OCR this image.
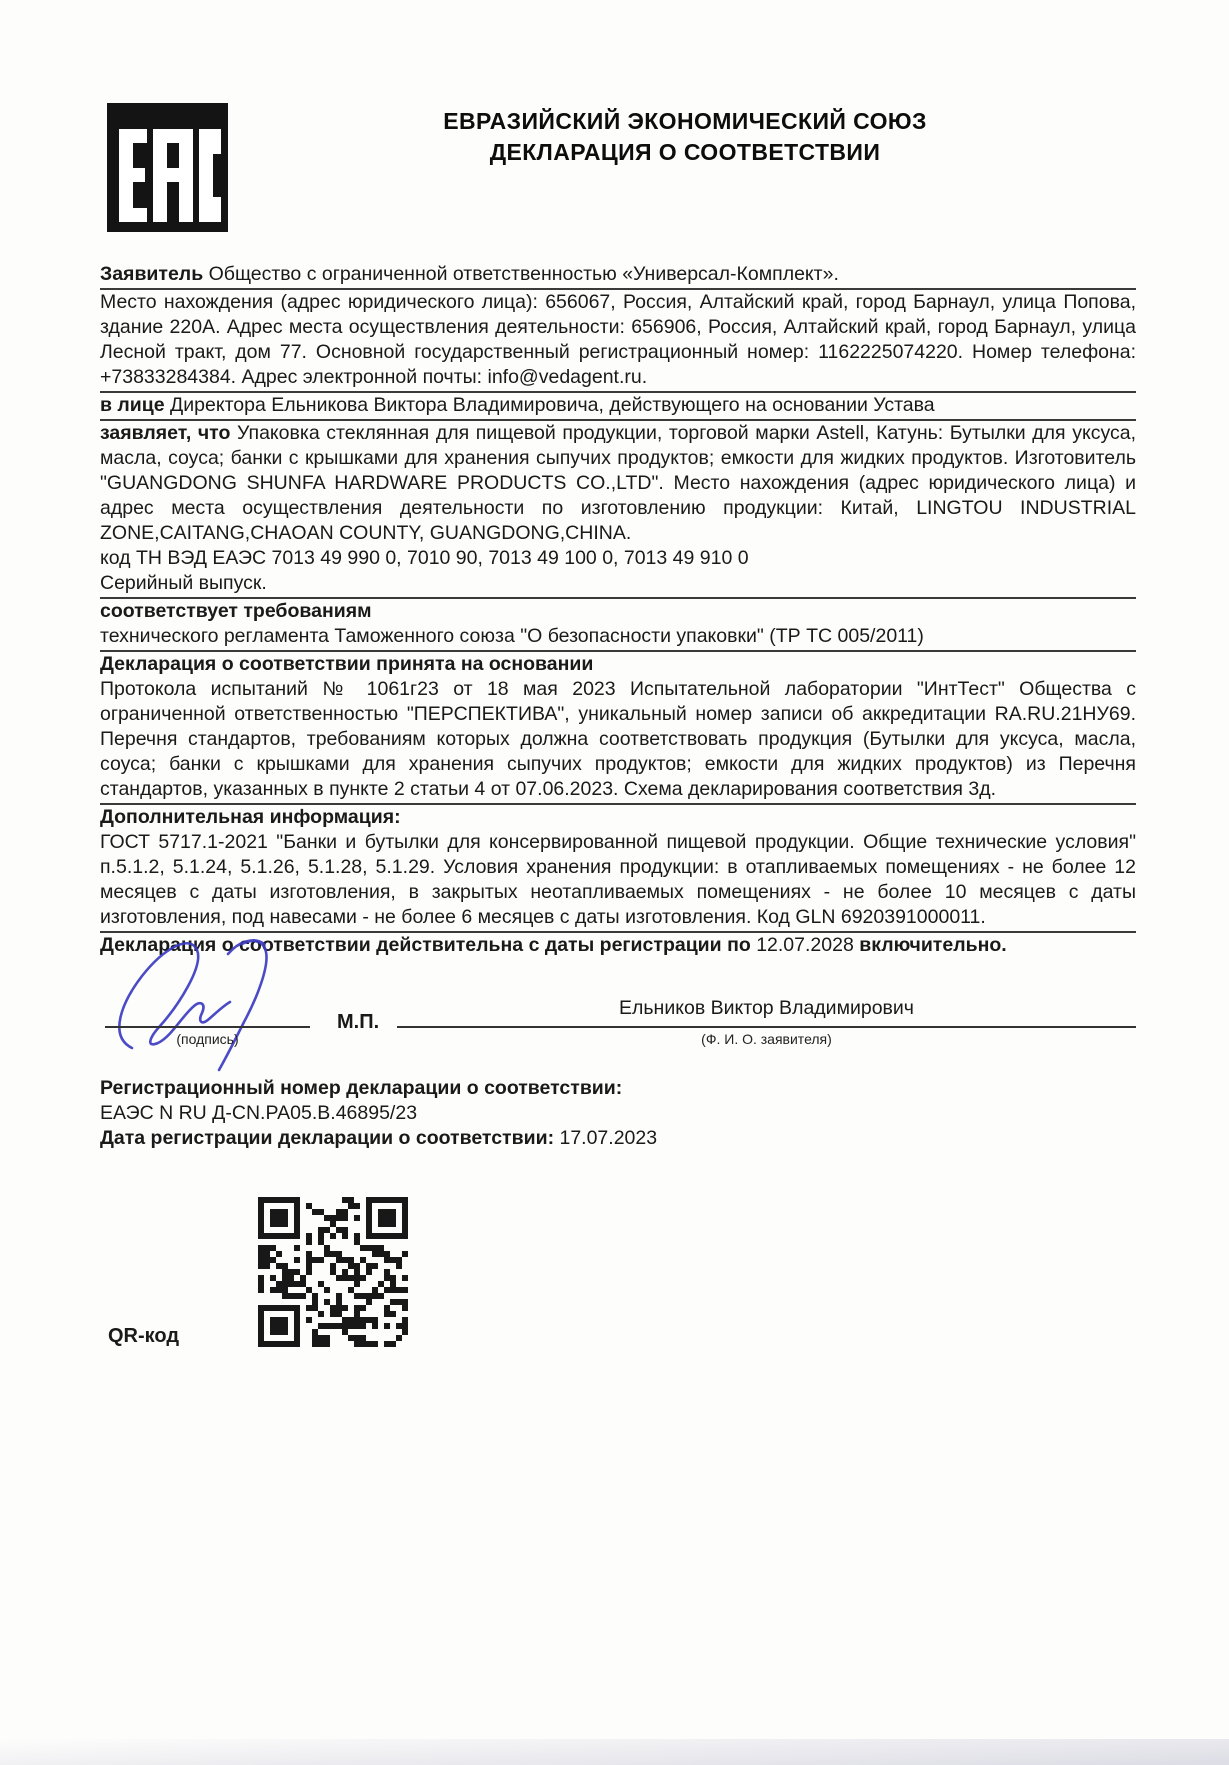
ЕВРАЗИЙСКИЙ ЭКОНОМИЧЕСКИЙ СОЮЗ
ДЕКЛАРАЦИЯ О СООТВЕТСТВИИ

Заявитель Общество с ограниченной ответственностью «Универсал-Комплект».

Место нахождения (адрес юридического лица): 656067, Россия, Алтайский край, город Барнаул, улица Попова, здание 220А. Адрес места осуществления деятельности: 656906, Россия, Алтайский край, город Барнаул, улица Лесной тракт, дом 77. Основной государственный регистрационный номер: 1162225074220. Номер телефона: +73833284384. Адрес электронной почты: info@vedagent.ru.

в лице Директора Ельникова Виктора Владимировича, действующего на основании Устава

заявляет, что Упаковка стеклянная для пищевой продукции, торговой марки Astell, Катунь: Бутылки для уксуса, масла, соуса; банки с крышками для хранения сыпучих продуктов; емкости для жидких продуктов. Изготовитель "GUANGDONG SHUNFA HARDWARE PRODUCTS CO.,LTD". Место нахождения (адрес юридического лица) и адрес места осуществления деятельности по изготовлению продукции: Китай, LINGTOU INDUSTRIAL ZONE,CAITANG,CHAOAN COUNTY, GUANGDONG,CHINA.

код ТН ВЭД ЕАЭС 7013 49 990 0, 7010 90, 7013 49 100 0, 7013 49 910 0

Серийный выпуск.

соответствует требованиям

технического регламента Таможенного союза "О безопасности упаковки" (ТР ТС 005/2011)

Декларация о соответствии принята на основании

Протокола испытаний № 1061г23 от 18 мая 2023 Испытательной лаборатории "ИнтТест" Общества с ограниченной ответственностью "ПЕРСПЕКТИВА", уникальный номер записи об аккредитации RA.RU.21НУ69. Перечня стандартов, требованиям которых должна соответствовать продукция (Бутылки для уксуса, масла, соуса; банки с крышками для хранения сыпучих продуктов; емкости для жидких продуктов) из Перечня стандартов, указанных в пункте 2 статьи 4 от 07.06.2023. Схема декларирования соответствия 3д.

Дополнительная информация:

ГОСТ 5717.1-2021 "Банки и бутылки для консервированной пищевой продукции. Общие технические условия" п.5.1.2, 5.1.24, 5.1.26, 5.1.28, 5.1.29. Условия хранения продукции: в отапливаемых помещениях - не более 12 месяцев с даты изготовления, в закрытых неотапливаемых помещениях - не более 10 месяцев с даты изготовления, под навесами - не более 6 месяцев с даты изготовления. Код GLN 6920391000011.

Декларация о соответствии действительна с даты регистрации по 12.07.2028 включительно.

(подпись)
М.П.
Ельников Виктор Владимирович
(Ф. И. О. заявителя)

Регистрационный номер декларации о соответствии:

ЕАЭС N RU Д-CN.РА05.В.46895/23

Дата регистрации декларации о соответствии: 17.07.2023

QR-код
